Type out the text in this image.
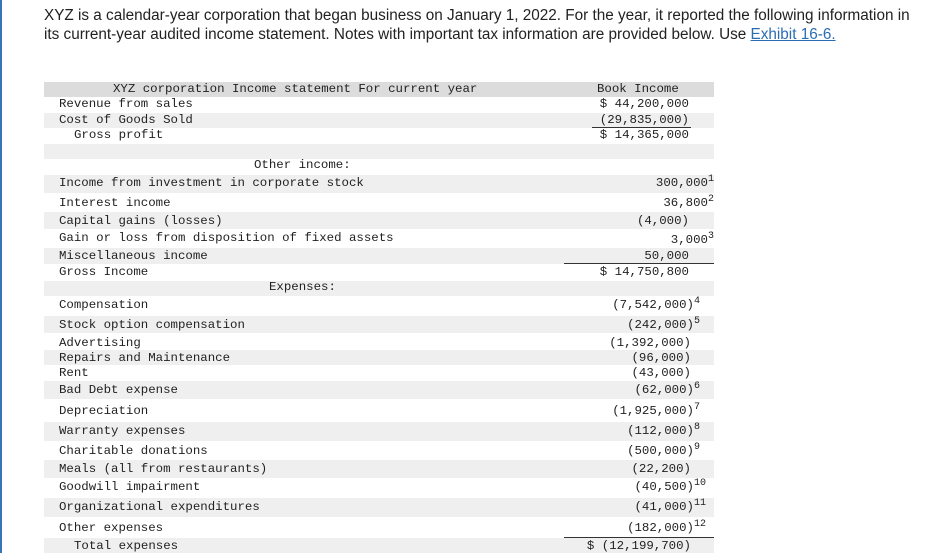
XYZ is a calendar-year corporation that began business on January 1, 2022. For the year, it reported the following information in its current-year audited income statement. Notes with important tax information are provided below. Use Exhibit 16-6.
XYZ corporation Income statement For current year	Book Income
Revenue from sales	$ 44,200,000
Cost of Goods Sold	(29,835,000)
Gross profit	$ 14,365,000
Other income:
Income from investment in corporate stock	300,000$^1$
Interest income	36,800$^2$
Capital gains (losses)	(4,000)
Gain or loss from disposition of fixed assets	3,000$^3$
Miscellaneous income	50,000
Gross Income	$ 14,750,800
Expenses:
Compensation	$(7,542,000)^4$
Stock option compensation	$(242,000)^5$
Advertising	(1,392,000)
Repairs and Maintenance	(96,000)
Rent	(43,000)
Bad Debt expense	$(62,000)^6$
Depreciation	$(1,925,000)^7$
Warranty expenses	$(112,000)^8$
Charitable donations	$(500,000)^9$
Meals (all from restaurants)	(22,200)
Goodwill impairment	$(40,500)^{10}$
Organizational expenditures	$(41,000)^{11}$
Other expenses	$(182,000)^{12}$
Total expenses	$ (12,199,700)
